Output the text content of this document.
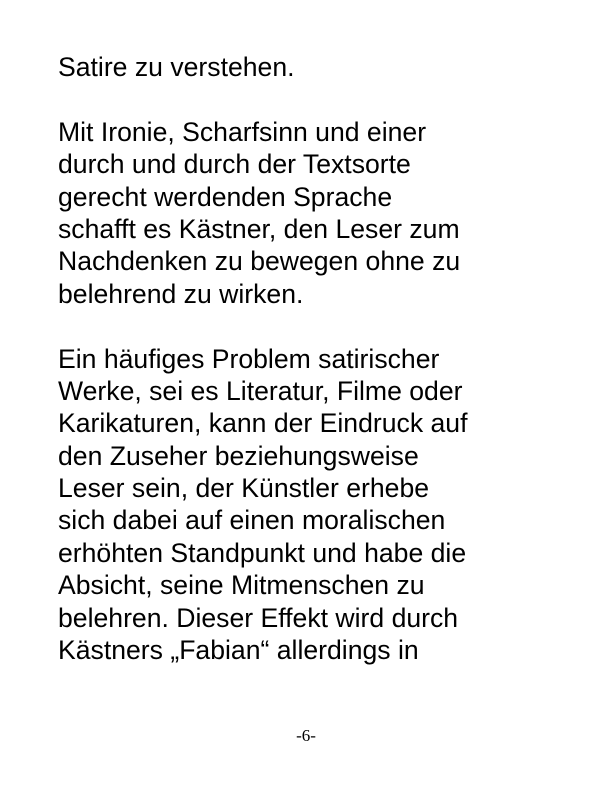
Satire zu verstehen.
Mit Ironie, Scharfsinn und einer
durch und durch der Textsorte
gerecht werdenden Sprache
schafft es Kästner, den Leser zum
Nachdenken zu bewegen ohne zu
belehrend zu wirken.
Ein häufiges Problem satirischer
Werke, sei es Literatur, Filme oder
Karikaturen, kann der Eindruck auf
den Zuseher beziehungsweise
Leser sein, der Künstler erhebe
sich dabei auf einen moralischen
erhöhten Standpunkt und habe die
Absicht, seine Mitmenschen zu
belehren. Dieser Effekt wird durch
Kästners „Fabian“ allerdings in
-6-
